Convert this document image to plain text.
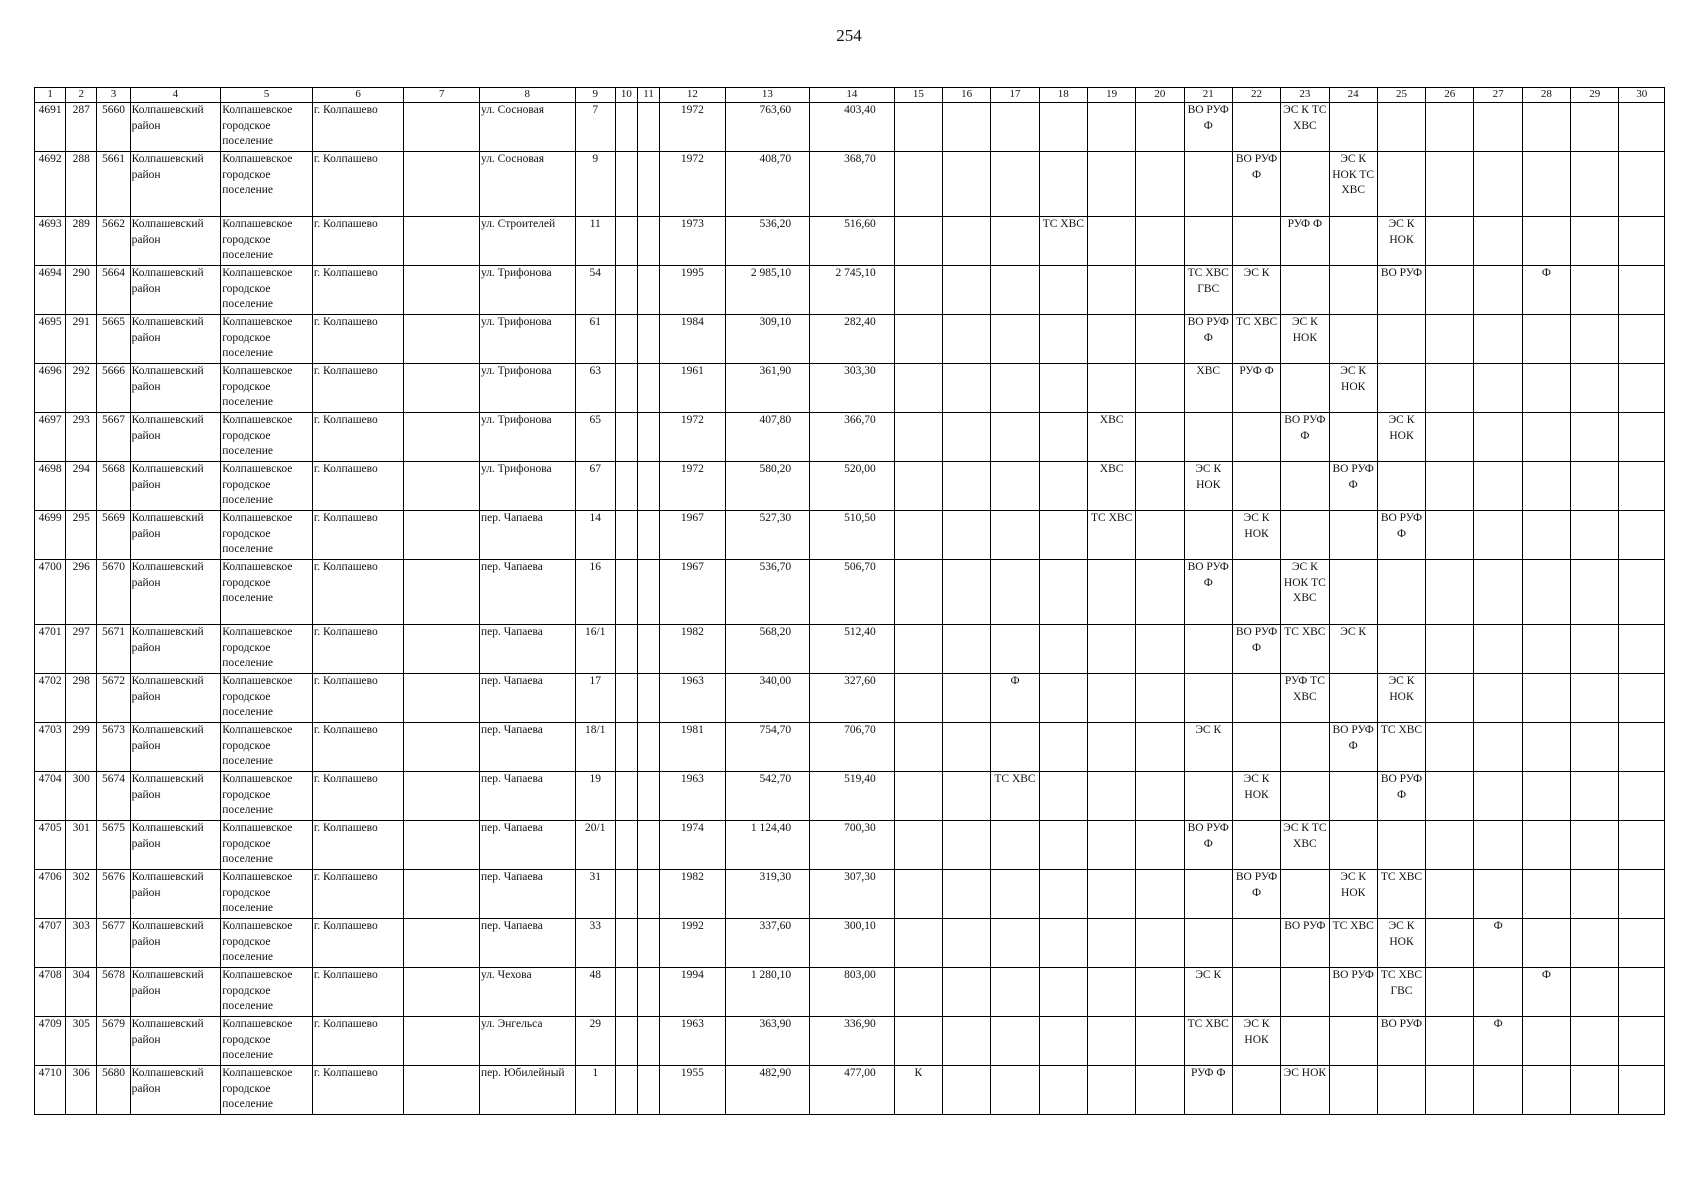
254
1	2	3	4	5	6	7	8	9	10	11	12	13	14	15	16	17	18	19	20	21	22	23	24	25	26	27	28	29	30
4691	287	5660	Колпашевский район	Колпашевское городское поселение	г. Колпашево		ул. Сосновая	7			1972	763,60	403,40							ВО РУФ Ф		ЭС К ТС ХВС							
4692	288	5661	Колпашевский район	Колпашевское городское поселение	г. Колпашево		ул. Сосновая	9			1972	408,70	368,70								ВО РУФ Ф		ЭС К НОК ТС ХВС						
4693	289	5662	Колпашевский район	Колпашевское городское поселение	г. Колпашево		ул. Строителей	11			1973	536,20	516,60				ТС ХВС					РУФ Ф		ЭС К НОК					
4694	290	5664	Колпашевский район	Колпашевское городское поселение	г. Колпашево		ул. Трифонова	54			1995	2 985,10	2 745,10							ТС ХВС ГВС	ЭС К			ВО РУФ			Ф		
4695	291	5665	Колпашевский район	Колпашевское городское поселение	г. Колпашево		ул. Трифонова	61			1984	309,10	282,40							ВО РУФ Ф	ТС ХВС	ЭС К НОК							
4696	292	5666	Колпашевский район	Колпашевское городское поселение	г. Колпашево		ул. Трифонова	63			1961	361,90	303,30							ХВС	РУФ Ф		ЭС К НОК						
4697	293	5667	Колпашевский район	Колпашевское городское поселение	г. Колпашево		ул. Трифонова	65			1972	407,80	366,70					ХВС				ВО РУФ Ф		ЭС К НОК					
4698	294	5668	Колпашевский район	Колпашевское городское поселение	г. Колпашево		ул. Трифонова	67			1972	580,20	520,00					ХВС		ЭС К НОК			ВО РУФ Ф						
4699	295	5669	Колпашевский район	Колпашевское городское поселение	г. Колпашево		пер. Чапаева	14			1967	527,30	510,50					ТС ХВС			ЭС К НОК			ВО РУФ Ф					
4700	296	5670	Колпашевский район	Колпашевское городское поселение	г. Колпашево		пер. Чапаева	16			1967	536,70	506,70							ВО РУФ Ф		ЭС К НОК ТС ХВС							
4701	297	5671	Колпашевский район	Колпашевское городское поселение	г. Колпашево		пер. Чапаева	16/1			1982	568,20	512,40								ВО РУФ Ф	ТС ХВС	ЭС К						
4702	298	5672	Колпашевский район	Колпашевское городское поселение	г. Колпашево		пер. Чапаева	17			1963	340,00	327,60			Ф						РУФ ТС ХВС		ЭС К НОК					
4703	299	5673	Колпашевский район	Колпашевское городское поселение	г. Колпашево		пер. Чапаева	18/1			1981	754,70	706,70							ЭС К			ВО РУФ Ф	ТС ХВС					
4704	300	5674	Колпашевский район	Колпашевское городское поселение	г. Колпашево		пер. Чапаева	19			1963	542,70	519,40			ТС ХВС					ЭС К НОК			ВО РУФ Ф					
4705	301	5675	Колпашевский район	Колпашевское городское поселение	г. Колпашево		пер. Чапаева	20/1			1974	1 124,40	700,30							ВО РУФ Ф		ЭС К ТС ХВС							
4706	302	5676	Колпашевский район	Колпашевское городское поселение	г. Колпашево		пер. Чапаева	31			1982	319,30	307,30								ВО РУФ Ф		ЭС К НОК	ТС ХВС					
4707	303	5677	Колпашевский район	Колпашевское городское поселение	г. Колпашево		пер. Чапаева	33			1992	337,60	300,10									ВО РУФ	ТС ХВС	ЭС К НОК		Ф			
4708	304	5678	Колпашевский район	Колпашевское городское поселение	г. Колпашево		ул. Чехова	48			1994	1 280,10	803,00							ЭС К			ВО РУФ	ТС ХВС ГВС			Ф		
4709	305	5679	Колпашевский район	Колпашевское городское поселение	г. Колпашево		ул. Энгельса	29			1963	363,90	336,90							ТС ХВС	ЭС К НОК			ВО РУФ		Ф			
4710	306	5680	Колпашевский район	Колпашевское городское поселение	г. Колпашево		пер. Юбилейный	1			1955	482,90	477,00	К						РУФ Ф		ЭС НОК							
